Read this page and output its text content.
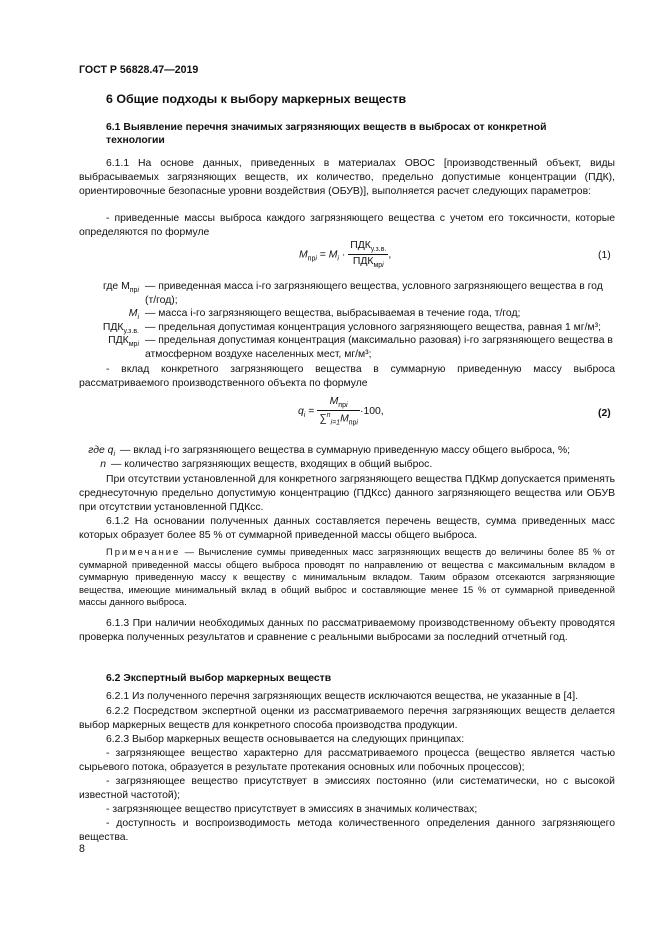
ГОСТ Р 56828.47—2019
6 Общие подходы к выбору маркерных веществ
6.1 Выявление перечня значимых загрязняющих веществ в выбросах от конкретной технологии
6.1.1 На основе данных, приведенных в материалах ОВОС [производственный объект, виды выбрасываемых загрязняющих веществ, их количество, предельно допустимые концентрации (ПДК), ориентировочные безопасные уровни воздействия (ОБУВ)], выполняется расчет следующих параметров:
- приведенные массы выброса каждого загрязняющего вещества с учетом его токсичности, которые определяются по формуле
$M_{прi} = M_i \cdot \frac{ПДК_{у.з.в.}}{ПДК_{мрi}}$ ,	(1)
где $M_{прi}$ — приведенная масса i-го загрязняющего вещества, условного загрязняющего вещества в год (т/год);
$M_i$ — масса i-го загрязняющего вещества, выбрасываемая в течение года, т/год;
$ПДК_{у.з.в.}$ — предельная допустимая концентрация условного загрязняющего вещества, равная 1 мг/м³;
$ПДК_{мрi}$ — предельная допустимая концентрация (максимально разовая) i-го загрязняющего вещества в атмосферном воздухе населенных мест, мг/м³;
- вклад конкретного загрязняющего вещества в суммарную приведенную массу выброса рассматриваемого производственного объекта по формуле
$q_i = \frac{M_{прi}}{\sum^n_{i=1}M_{прi}} \cdot 100$,	(2)
где $q_i$ — вклад i-го загрязняющего вещества в суммарную приведенную массу общего выброса, %;
n — количество загрязняющих веществ, входящих в общий выброс.
При отсутствии установленной для конкретного загрязняющего вещества ПДКмр допускается применять среднесуточную предельно допустимую концентрацию (ПДКсс) данного загрязняющего вещества или ОБУВ при отсутствии установленной ПДКсс.
6.1.2 На основании полученных данных составляется перечень веществ, сумма приведенных масс которых образует более 85 % от суммарной приведенной массы общего выброса.
Примечание — Вычисление суммы приведенных масс загрязняющих веществ до величины более 85 % от суммарной приведенной массы общего выброса проводят по направлению от вещества с максимальным вкладом в суммарную приведенную массу к веществу с минимальным вкладом. Таким образом отсекаются загрязняющие вещества, имеющие минимальный вклад в общий выброс и составляющие менее 15 % от суммарной приведенной массы данного выброса.
6.1.3 При наличии необходимых данных по рассматриваемому производственному объекту проводятся проверка полученных результатов и сравнение с реальными выбросами за последний отчетный год.
6.2 Экспертный выбор маркерных веществ
6.2.1 Из полученного перечня загрязняющих веществ исключаются вещества, не указанные в [4].
6.2.2 Посредством экспертной оценки из рассматриваемого перечня загрязняющих веществ делается выбор маркерных веществ для конкретного способа производства продукции.
6.2.3 Выбор маркерных веществ основывается на следующих принципах:
- загрязняющее вещество характерно для рассматриваемого процесса (вещество является частью сырьевого потока, образуется в результате протекания основных или побочных процессов);
- загрязняющее вещество присутствует в эмиссиях постоянно (или систематически, но с высокой известной частотой);
- загрязняющее вещество присутствует в эмиссиях в значимых количествах;
- доступность и воспроизводимость метода количественного определения данного загрязняющего вещества.
8
